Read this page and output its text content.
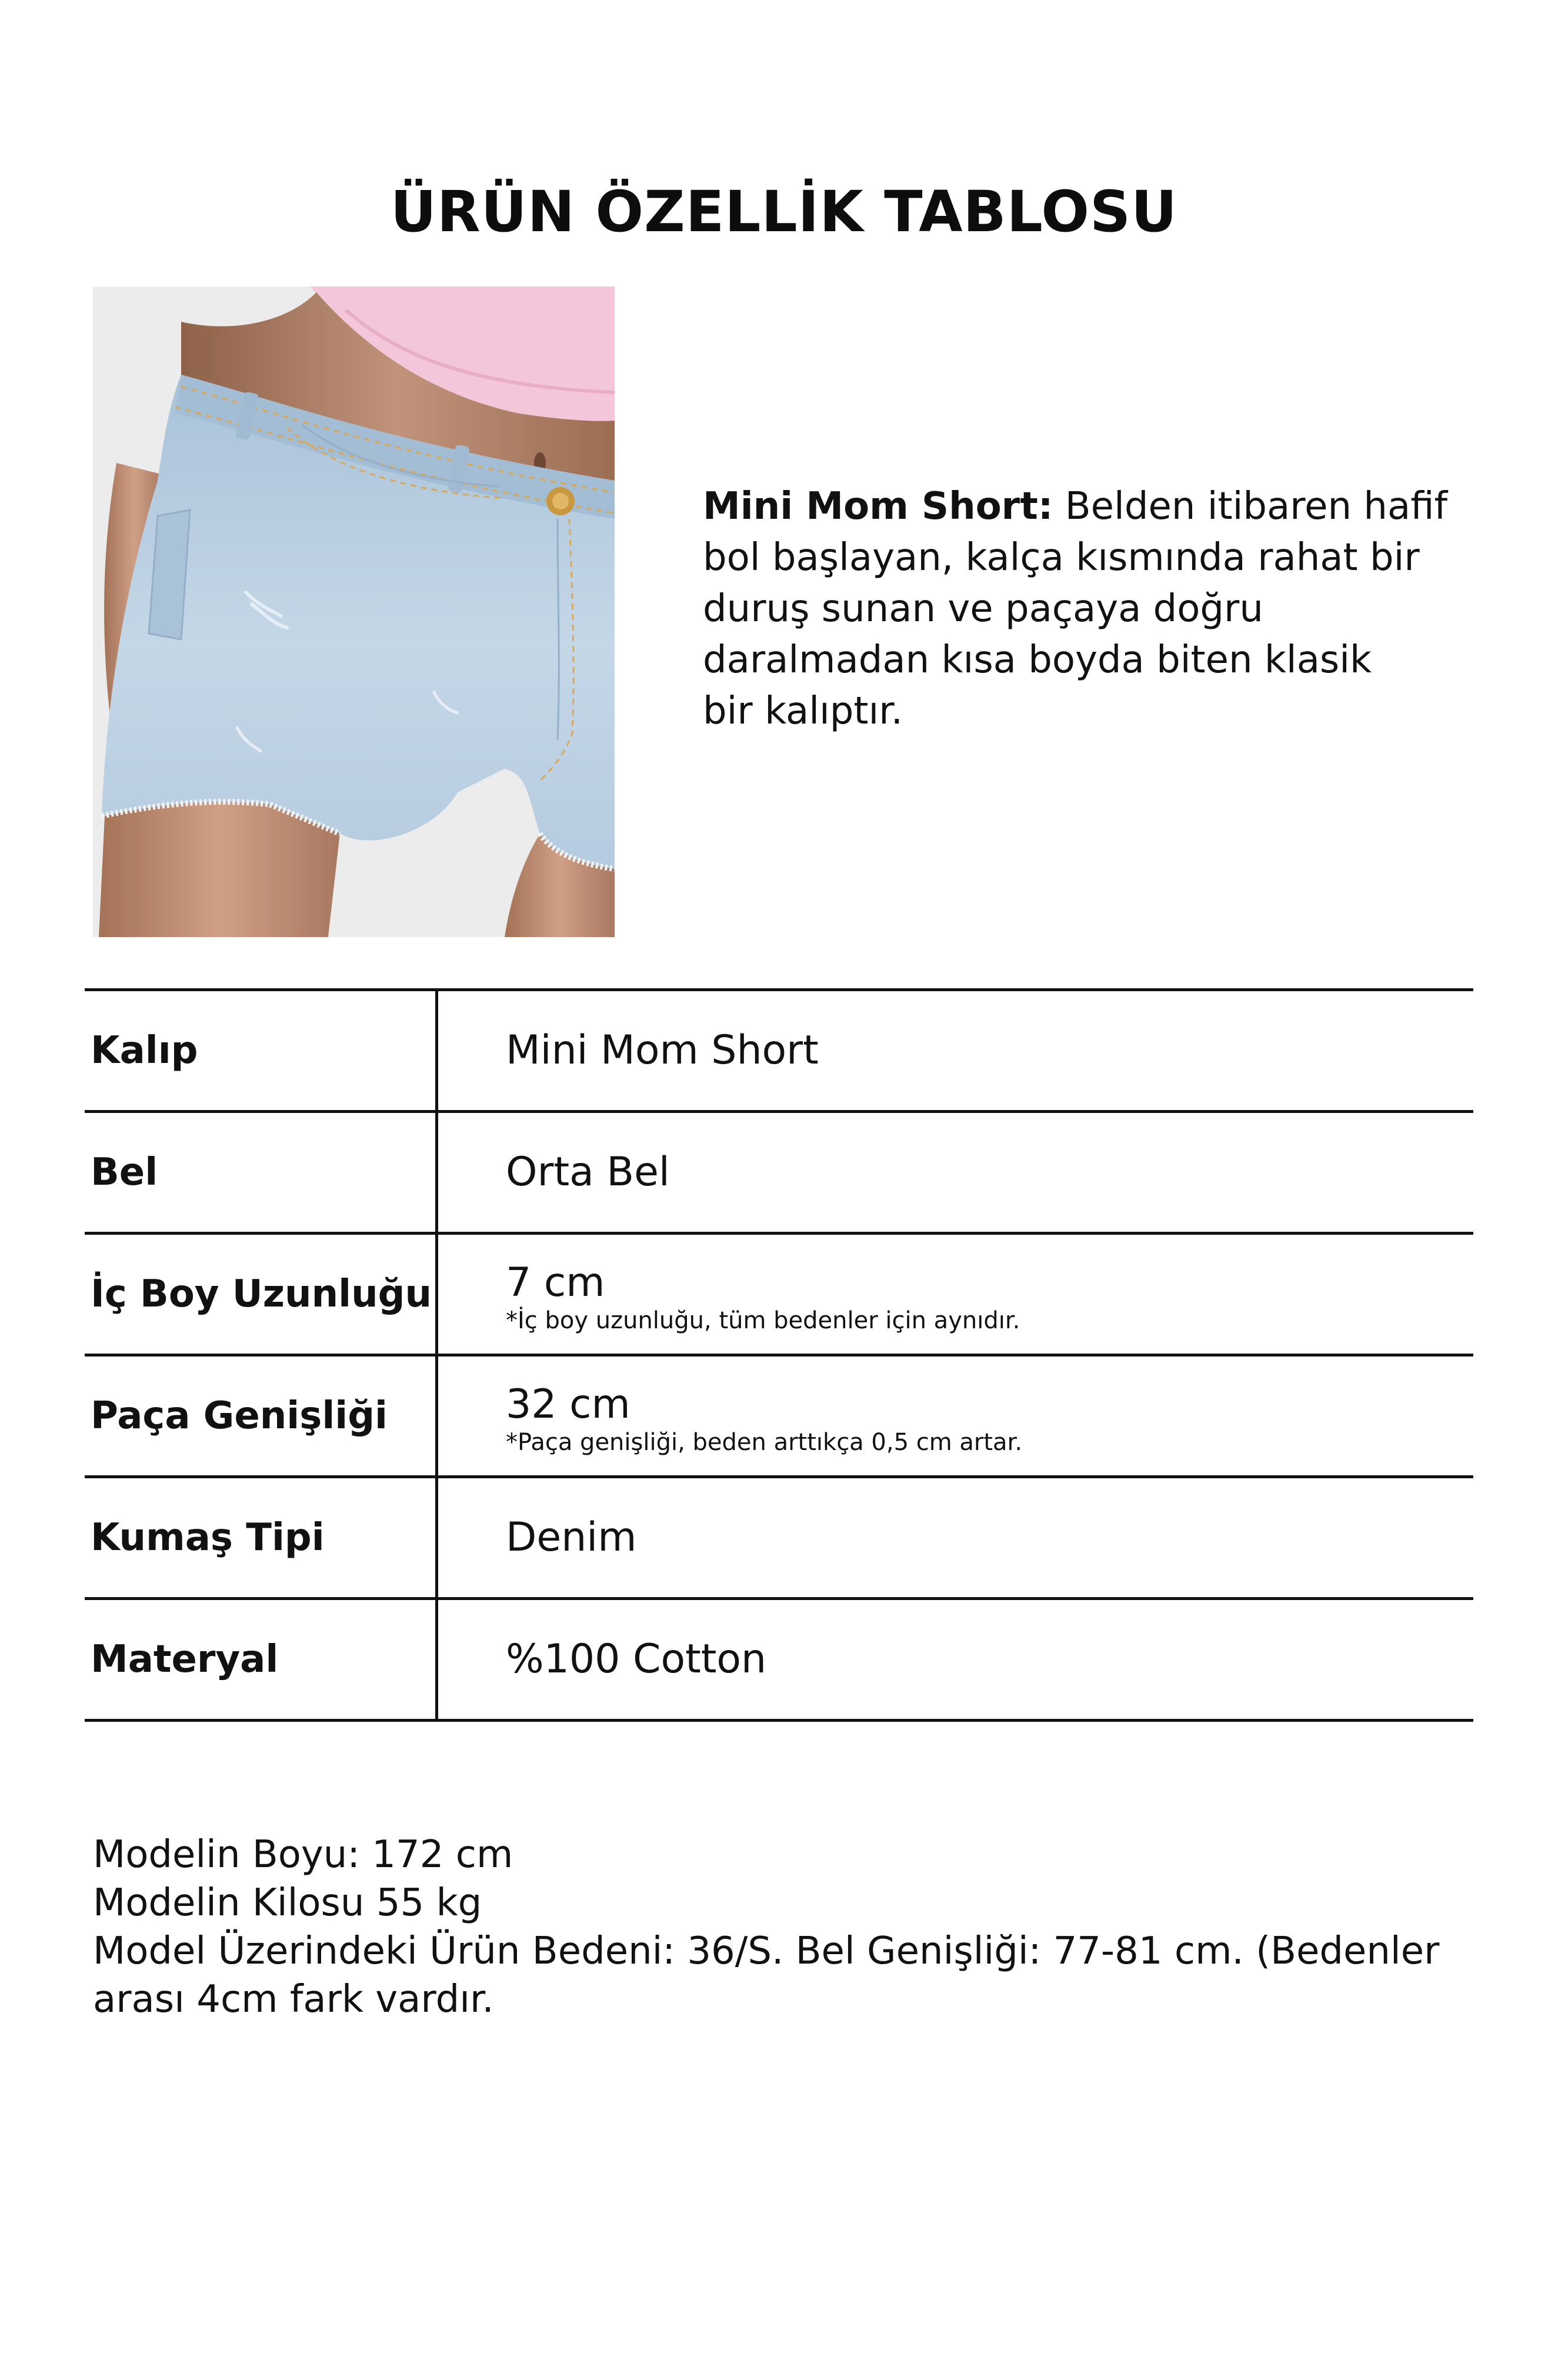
ÜRÜN ÖZELLİK TABLOSU
Mini Mom Short: Belden itibaren hafif
bol başlayan, kalça kısmında rahat bir
duruş sunan ve paçaya doğru
daralmadan kısa boyda biten klasik
bir kalıptır.
Kalıp	Mini Mom Short
Bel	Orta Bel
İç Boy Uzunluğu 7 cm
*İç boy uzunluğu, tüm bedenler için aynıdır.
Paça Genişliği	32 cm
*Paça genişliği, beden arttıkça 0,5 cm artar.
Kumaş Tipi	Denim
Materyal	%100 Cotton
Modelin Boyu: 172 cm
Modelin Kilosu 55 kg
Model Üzerindeki Ürün Bedeni: 36/S. Bel Genişliği: 77-81 cm. (Bedenler
arası 4cm fark vardır.
